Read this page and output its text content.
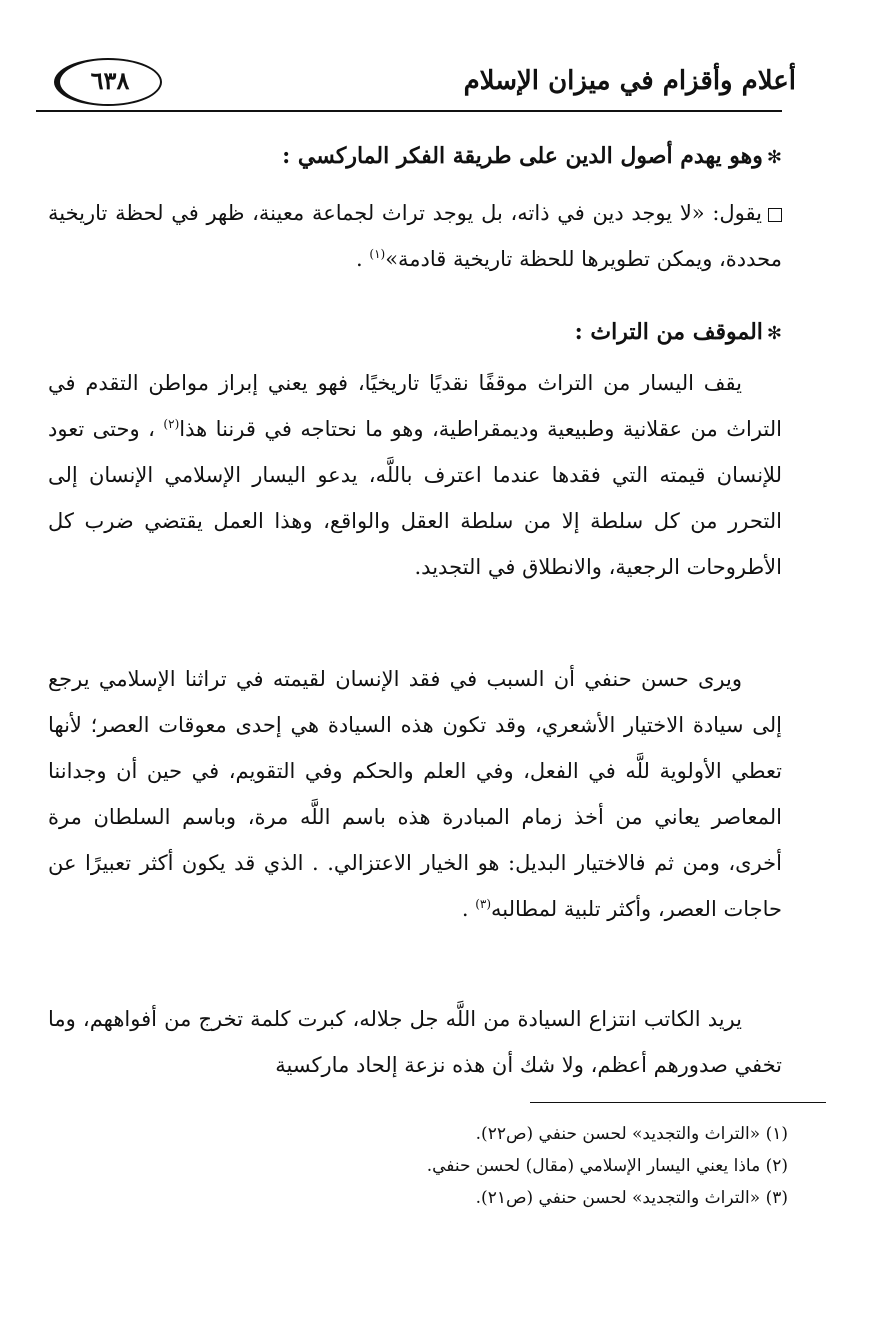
أعلام وأقزام في ميزان الإسلام
٦٣٨

✻وهو يهدم أصول الدين على طريقة الفكر الماركسي :

يقول: «لا يوجد دين في ذاته، بل يوجد تراث لجماعة معينة، ظهر في لحظة تاريخية محددة، ويمكن تطويرها للحظة تاريخية قادمة»$^{(١)}$ .

✻الموقف من التراث :

يقف اليسار من التراث موقفًا نقديًا تاريخيًا، فهو يعني إبراز مواطن التقدم في التراث من عقلانية وطبيعية وديمقراطية، وهو ما نحتاجه في قرننا هذا$^{(٢)}$ ، وحتى تعود للإنسان قيمته التي فقدها عندما اعترف باللَّه، يدعو اليسار الإسلامي الإنسان إلى التحرر من كل سلطة إلا من سلطة العقل والواقع، وهذا العمل يقتضي ضرب كل الأطروحات الرجعية، والانطلاق في التجديد.

ويرى حسن حنفي أن السبب في فقد الإنسان لقيمته في تراثنا الإسلامي يرجع إلى سيادة الاختيار الأشعري، وقد تكون هذه السيادة هي إحدى معوقات العصر؛ لأنها تعطي الأولوية للَّه في الفعل، وفي العلم والحكم وفي التقويم، في حين أن وجداننا المعاصر يعاني من أخذ زمام المبادرة هذه باسم اللَّه مرة، وباسم السلطان مرة أخرى، ومن ثم فالاختيار البديل: هو الخيار الاعتزالي. . الذي قد يكون أكثر تعبيرًا عن حاجات العصر، وأكثر تلبية لمطالبه$^{(٣)}$ .

يريد الكاتب انتزاع السيادة من اللَّه جل جلاله، كبرت كلمة تخرج من أفواههم، وما تخفي صدورهم أعظم، ولا شك أن هذه نزعة إلحاد ماركسية

(١) «التراث والتجديد» لحسن حنفي (ص٢٢).

(٢) ماذا يعني اليسار الإسلامي (مقال) لحسن حنفي.

(٣) «التراث والتجديد» لحسن حنفي (ص٢١).
